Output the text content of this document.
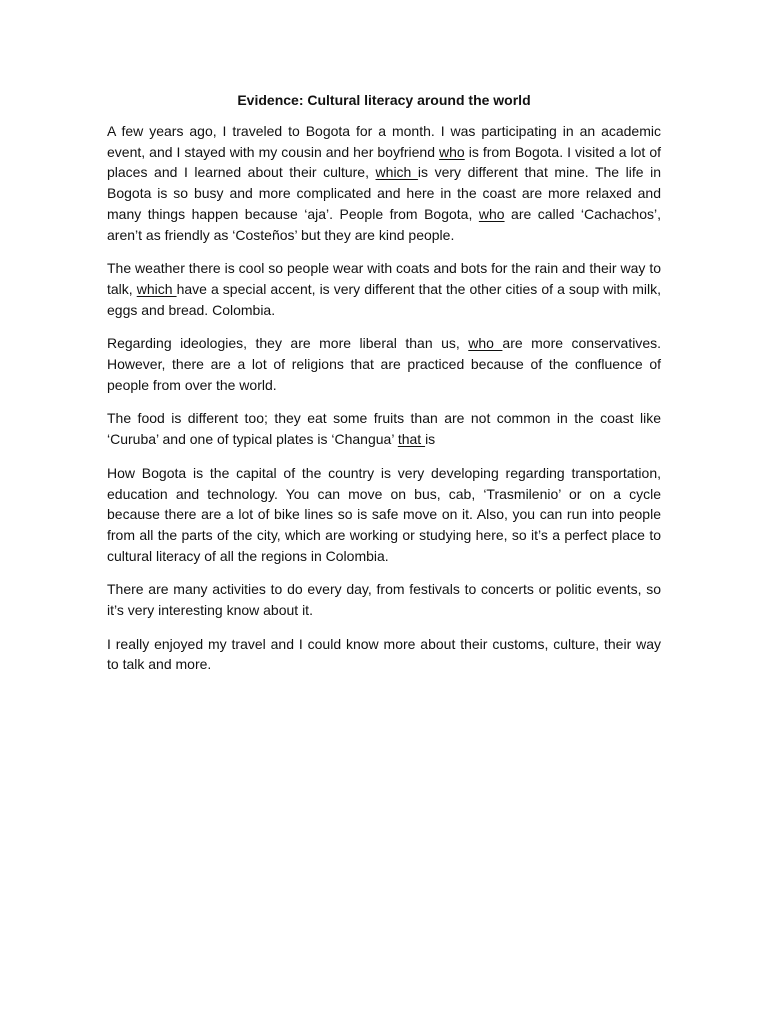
Evidence: Cultural literacy around the world

A few years ago, I traveled to Bogota for a month. I was participating in an academic event, and I stayed with my cousin and her boyfriend who is from Bogota. I visited a lot of places and I learned about their culture, which is very different that mine. The life in Bogota is so busy and more complicated and here in the coast are more relaxed and many things happen because ‘aja’. People from Bogota, who are called ‘Cachachos’, aren’t as friendly as ‘Costeños’ but they are kind people.

The weather there is cool so people wear with coats and bots for the rain and their way to talk, which have a special accent, is very different that the other cities of a soup with milk, eggs and bread. Colombia.

Regarding ideologies, they are more liberal than us, who are more conservatives. However, there are a lot of religions that are practiced because of the confluence of people from over the world.

The food is different too; they eat some fruits than are not common in the coast like ‘Curuba’ and one of typical plates is ‘Changua’ that is

How Bogota is the capital of the country is very developing regarding transportation, education and technology. You can move on bus, cab, ‘Trasmilenio’ or on a cycle because there are a lot of bike lines so is safe move on it. Also, you can run into people from all the parts of the city, which are working or studying here, so it’s a perfect place to cultural literacy of all the regions in Colombia.

There are many activities to do every day, from festivals to concerts or politic events, so it’s very interesting know about it.

I really enjoyed my travel and I could know more about their customs, culture, their way to talk and more.
